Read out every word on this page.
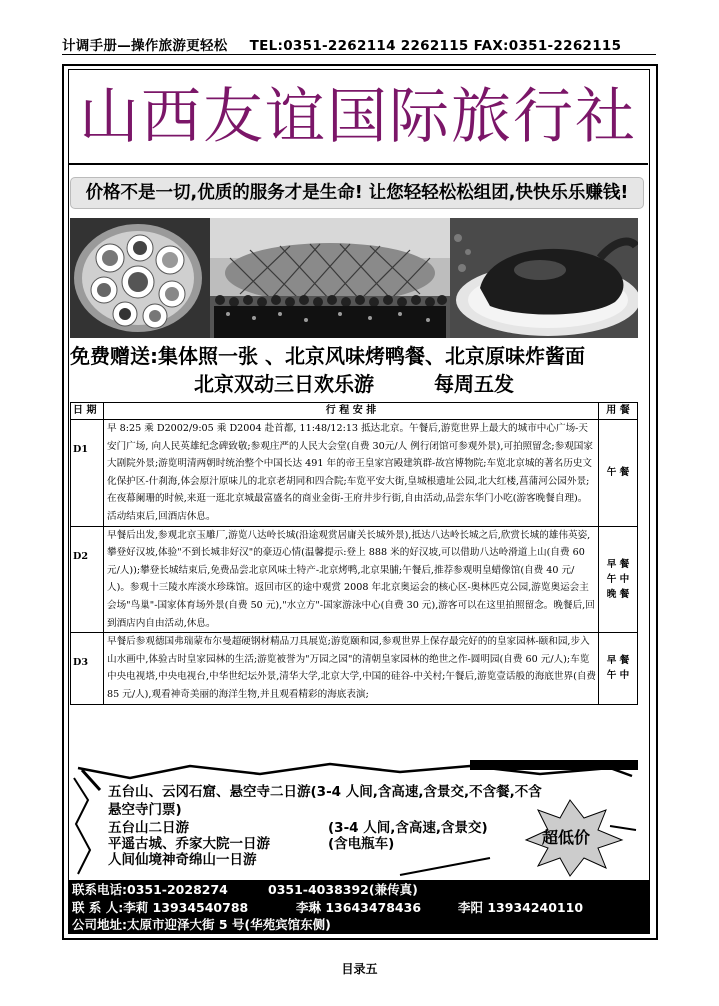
计调手册—操作旅游更轻松 TEL:0351-2262114 2262115 FAX:0351-2262115
山西友谊国际旅行社
价格不是一切,优质的服务才是生命! 让您轻轻松松组团,快快乐乐赚钱!
免费赠送:集体照一张 、北京风味烤鸭餐、北京原味炸酱面
北京双动三日欢乐游	每周五发
日 期	行 程 安 排	用 餐
D1	早 8:25 乘 D2002/9:05 乘 D2004 赴首都, 11:48/12:13 抵达北京。午餐后,游览世界上最大的城市中心广场-天安门广场, 向人民英雄纪念碑致敬;参观庄严的人民大会堂(自费 30元/人 例行闭馆可参观外景),可拍照留念;参观国家大剧院外景;游览明清两朝时统治整个中国长达 491 年的帝王皇家宫殿建筑群-故宫博物院;车览北京城的著名历史文化保护区-什刹海,体会原汁原味儿的北京老胡同和四合院;车览平安大街,皇城根遗址公园,北大红楼,菖蒲河公园外景;在夜幕阑珊的时候,来逛一逛北京城最富盛名的商业金街-王府井步行街,自由活动,品尝东华门小吃(游客晚餐自理)。活动结束后,回酒店休息。	午 餐
D2	早餐后出发,参观北京玉雕厂,游览八达岭长城(沿途观赏居庸关长城外景),抵达八达岭长城之后,欣赏长城的雄伟英姿,攀登好汉坡,体验"不到长城非好汉"的豪迈心情(温馨提示:登上 888 米的好汉坡,可以借助八达岭滑道上山(自费 60 元/人));攀登长城结束后,免费品尝北京风味土特产-北京烤鸭,北京果脯;午餐后,推荐参观明皇蜡像馆(自费 40 元/人)。参观十三陵水库淡水珍珠馆。返回市区的途中观赏 2008 年北京奥运会的核心区-奥林匹克公园,游览奥运会主会场"鸟巢"-国家体育场外景(自费 50 元),"水立方"-国家游泳中心(自费 30 元),游客可以在这里拍照留念。晚餐后,回到酒店内自由活动,休息。	早 餐 午 中 晚 餐
D3	早餐后参观德国弗瑞蒙布尔曼超硬钢材精品刀具展览;游览颐和园,参观世界上保存最完好的的皇家园林-颐和园,步入山水画中,体验古时皇家园林的生活;游览被誉为"万园之园"的清朝皇家园林的绝世之作-圆明园(自费 60 元/人);车览中央电视塔,中央电视台,中华世纪坛外景,清华大学,北京大学,中国的硅谷-中关村;午餐后,游览壹话般的海底世界(自费 85 元/人),观看神奇美丽的海洋生物,并且观看精彩的海底表演;	早 餐 午 中
五台山、云冈石窟、悬空寺二日游(3-4 人间,含高速,含景交,不含餐,不含
悬空寺门票)
五台山二日游	(3-4 人间,含高速,含景交)
平遥古城、乔家大院一日游	(含电瓶车)
人间仙境神奇绵山一日游
超低价
联系电话:0351-2028274	0351-4038392(兼传真)
联 系 人:李莉 13934540788	李琳 13643478436	李阳 13934240110
公司地址:太原市迎泽大街 5 号(华苑宾馆东侧)
目录五
